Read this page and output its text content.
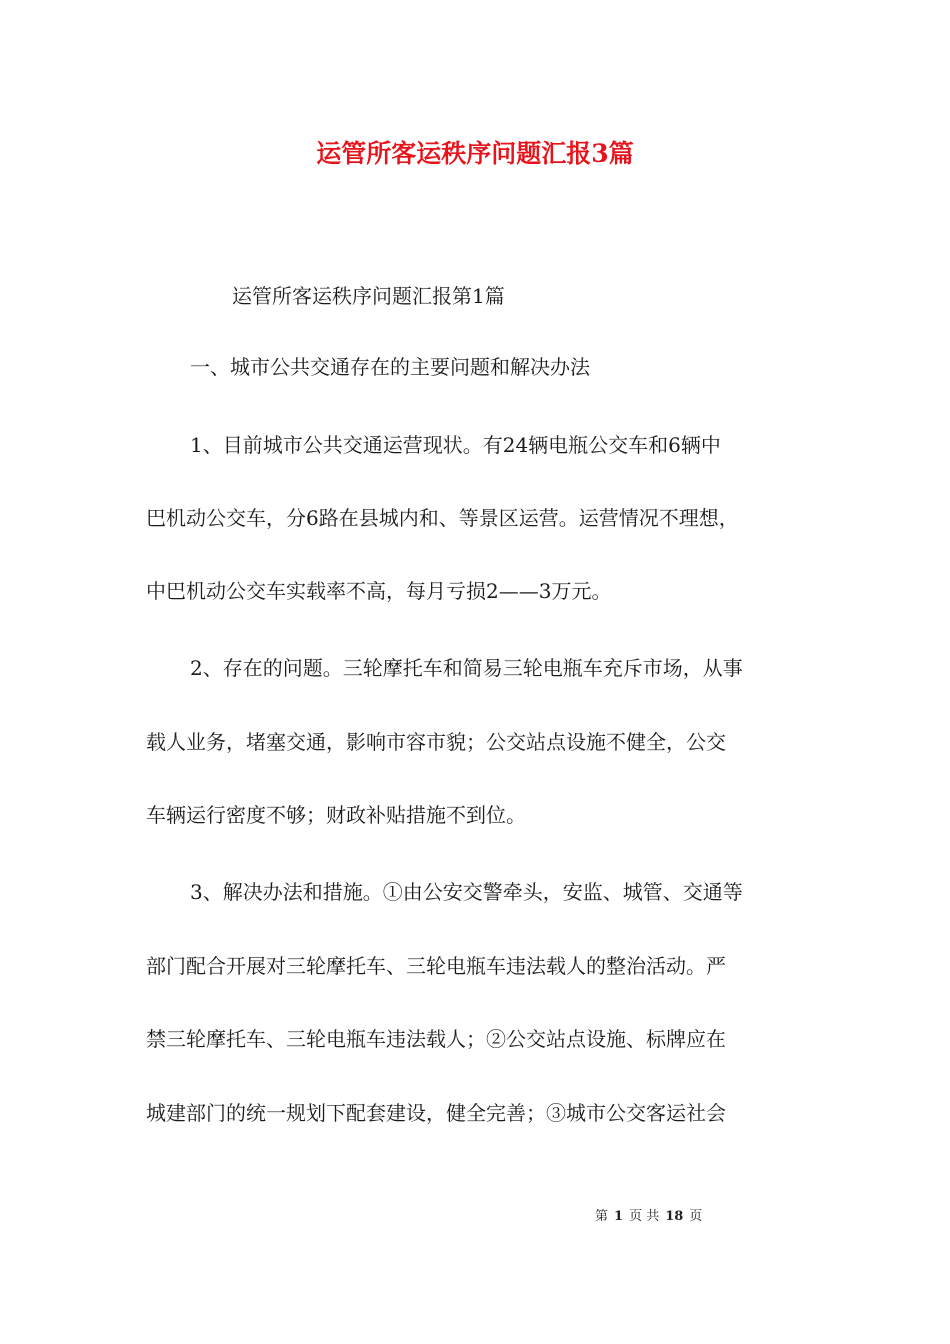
运管所客运秩序问题汇报3篇
运管所客运秩序问题汇报第1篇
一、城市公共交通存在的主要问题和解决办法
1、目前城市公共交通运营现状。有24辆电瓶公交车和6辆中
巴机动公交车，分6路在县城内和、等景区运营。运营情况不理想，
中巴机动公交车实载率不高，每月亏损2——3万元。
2、存在的问题。三轮摩托车和简易三轮电瓶车充斥市场，从事
载人业务，堵塞交通，影响市容市貌；公交站点设施不健全，公交
车辆运行密度不够；财政补贴措施不到位。
3、解决办法和措施。①由公安交警牵头，安监、城管、交通等
部门配合开展对三轮摩托车、三轮电瓶车违法载人的整治活动。严
禁三轮摩托车、三轮电瓶车违法载人；②公交站点设施、标牌应在
城建部门的统一规划下配套建设，健全完善；③城市公交客运社会
第 1 页 共 18 页
